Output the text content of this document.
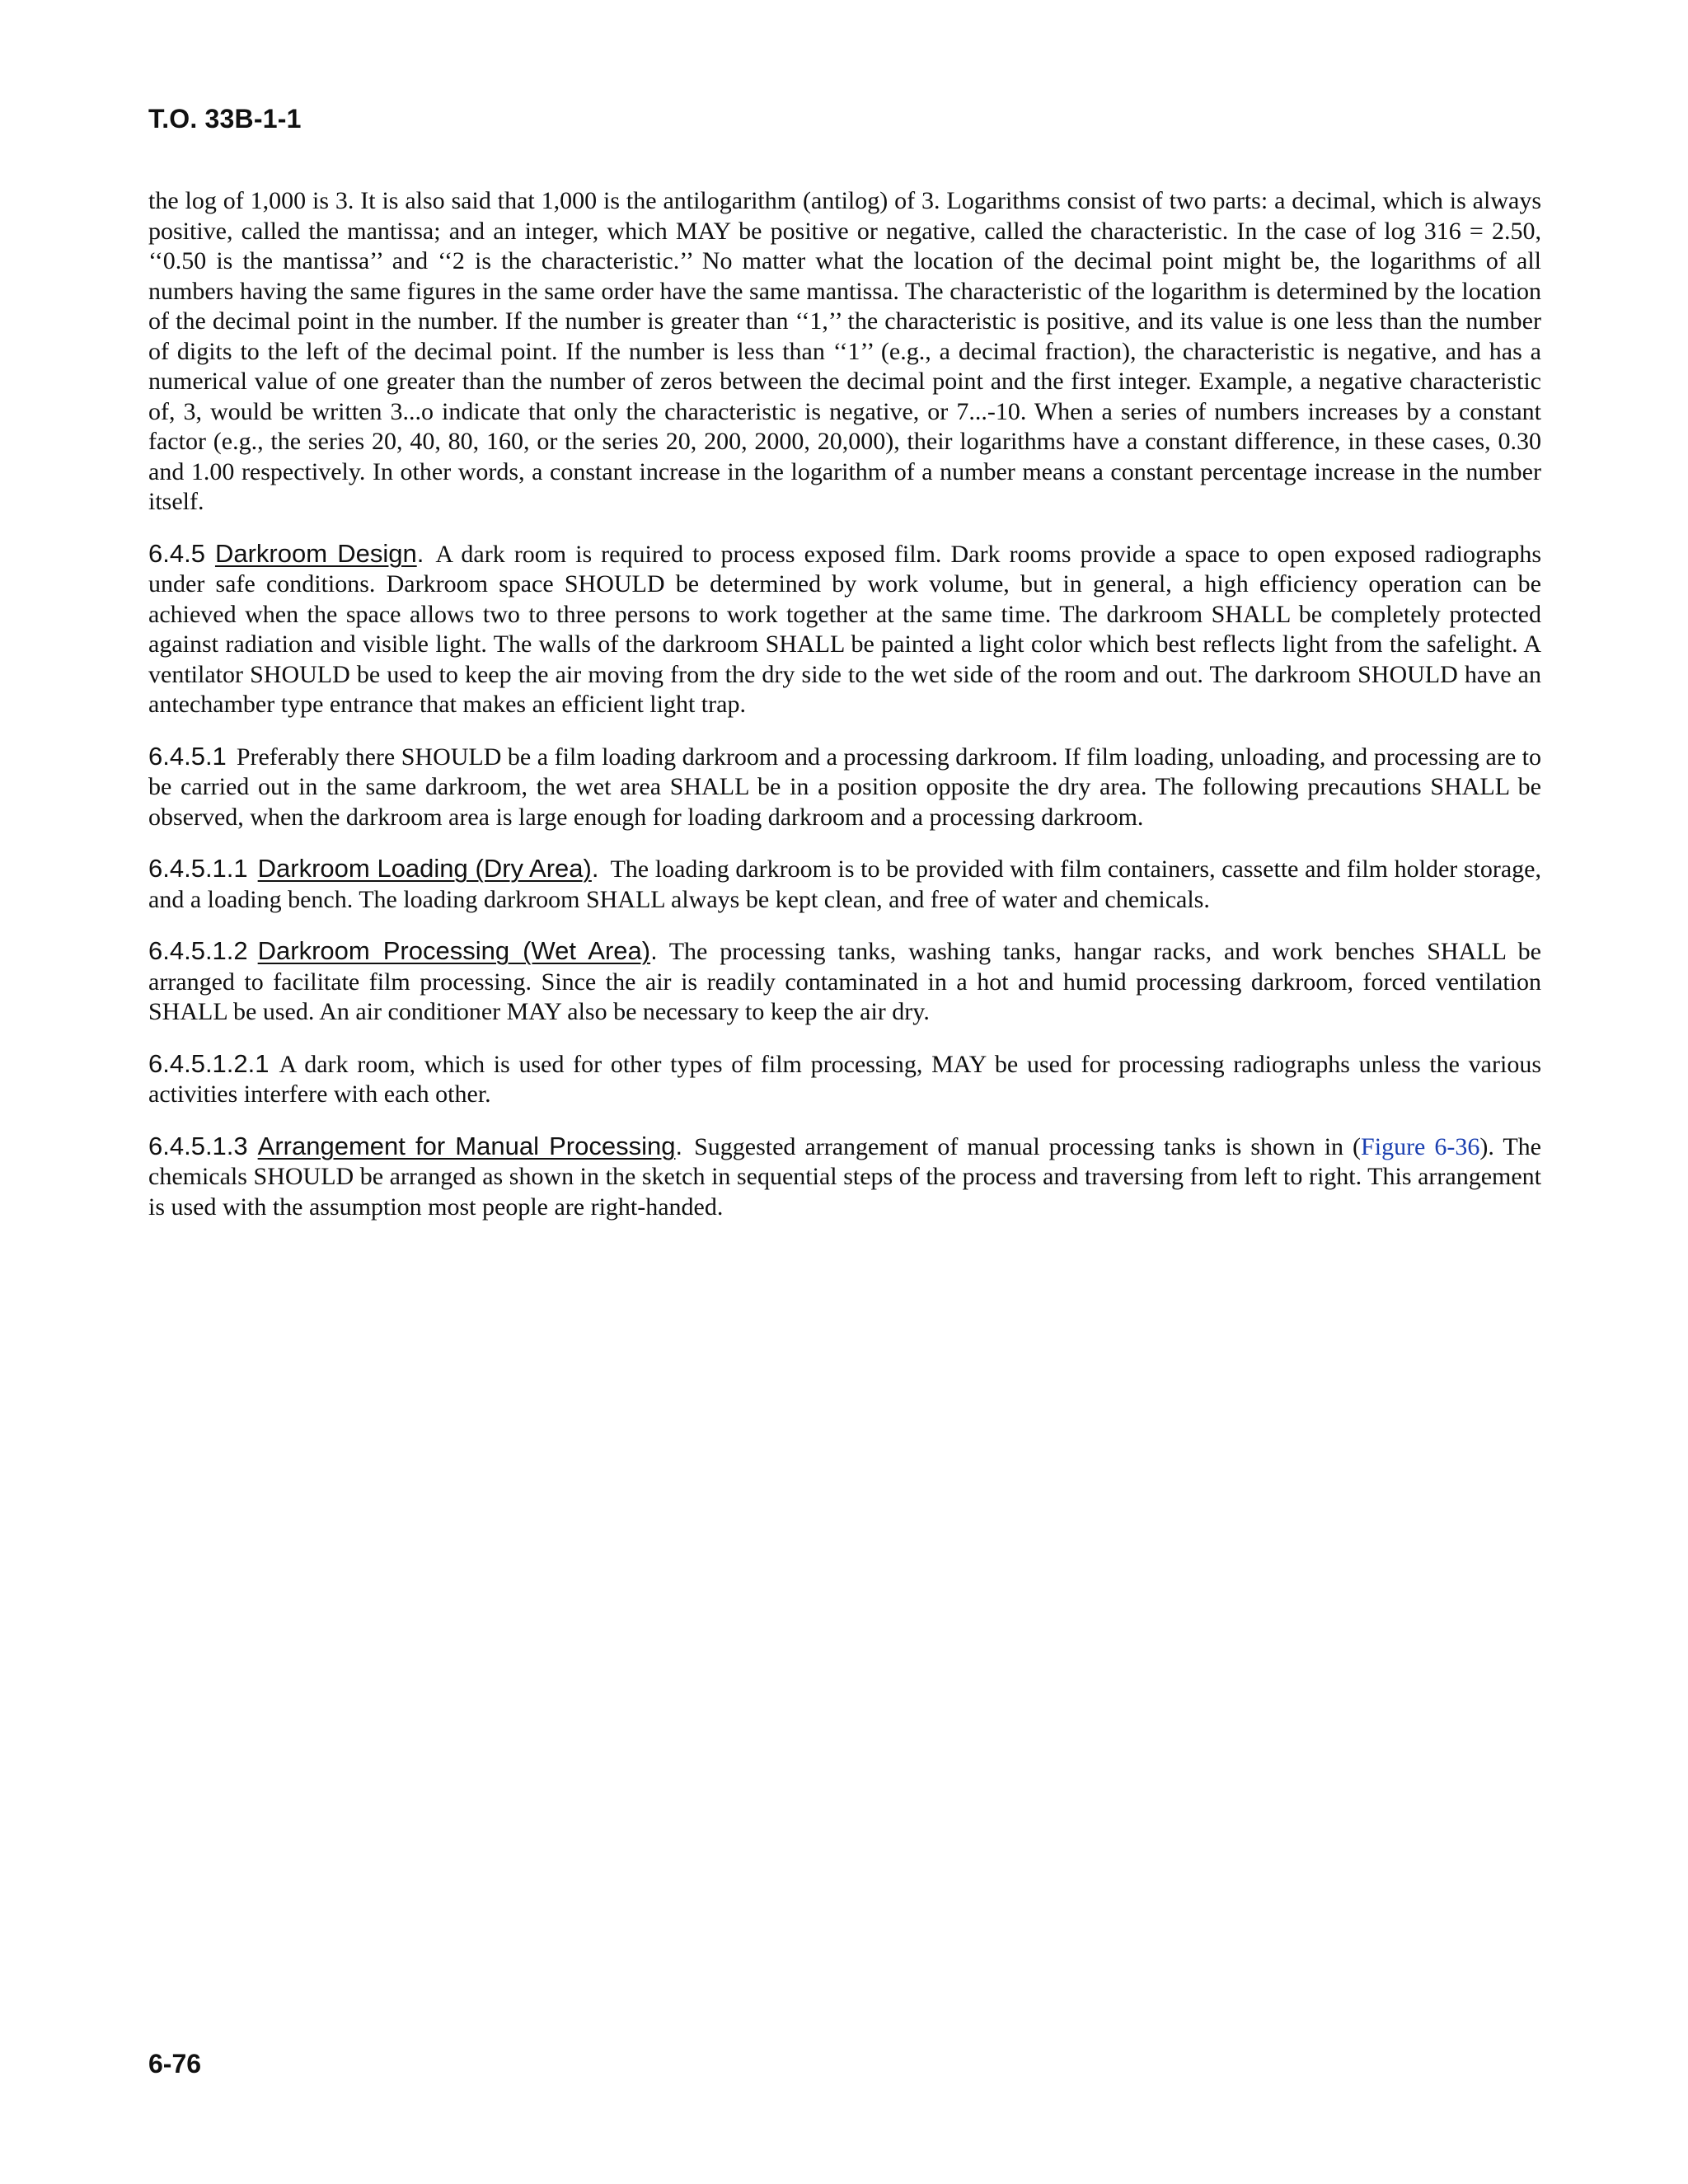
T.O. 33B-1-1

the log of 1,000 is 3. It is also said that 1,000 is the antilogarithm (antilog) of 3. Logarithms consist of two parts: a decimal, which is always positive, called the mantissa; and an integer, which MAY be positive or negative, called the characteristic. In the case of log 316 = 2.50, ‘‘0.50 is the mantissa’’ and ‘‘2 is the characteristic.’’ No matter what the location of the decimal point might be, the logarithms of all numbers having the same figures in the same order have the same mantissa. The characteristic of the logarithm is determined by the location of the decimal point in the number. If the number is greater than ‘‘1,’’ the characteristic is positive, and its value is one less than the number of digits to the left of the decimal point. If the number is less than ‘‘1’’ (e.g., a decimal fraction), the characteristic is negative, and has a numerical value of one greater than the number of zeros between the decimal point and the first integer. Example, a negative characteristic of, 3, would be written 3...o indicate that only the characteristic is negative, or 7...-10. When a series of numbers increases by a constant factor (e.g., the series 20, 40, 80, 160, or the series 20, 200, 2000, 20,000), their logarithms have a constant difference, in these cases, 0.30 and 1.00 respectively. In other words, a constant increase in the logarithm of a number means a constant percentage increase in the number itself.

6.4.5 Darkroom Design. A dark room is required to process exposed film. Dark rooms provide a space to open exposed radiographs under safe conditions. Darkroom space SHOULD be determined by work volume, but in general, a high efficiency operation can be achieved when the space allows two to three persons to work together at the same time. The darkroom SHALL be completely protected against radiation and visible light. The walls of the darkroom SHALL be painted a light color which best reflects light from the safelight. A ventilator SHOULD be used to keep the air moving from the dry side to the wet side of the room and out. The darkroom SHOULD have an antechamber type entrance that makes an efficient light trap.

6.4.5.1 Preferably there SHOULD be a film loading darkroom and a processing darkroom. If film loading, unloading, and processing are to be carried out in the same darkroom, the wet area SHALL be in a position opposite the dry area. The following precautions SHALL be observed, when the darkroom area is large enough for loading darkroom and a processing darkroom.

6.4.5.1.1 Darkroom Loading (Dry Area). The loading darkroom is to be provided with film containers, cassette and film holder storage, and a loading bench. The loading darkroom SHALL always be kept clean, and free of water and chemicals.

6.4.5.1.2 Darkroom Processing (Wet Area). The processing tanks, washing tanks, hangar racks, and work benches SHALL be arranged to facilitate film processing. Since the air is readily contaminated in a hot and humid processing darkroom, forced ventilation SHALL be used. An air conditioner MAY also be necessary to keep the air dry.

6.4.5.1.2.1 A dark room, which is used for other types of film processing, MAY be used for processing radiographs unless the various activities interfere with each other.

6.4.5.1.3 Arrangement for Manual Processing. Suggested arrangement of manual processing tanks is shown in (Figure 6-36). The chemicals SHOULD be arranged as shown in the sketch in sequential steps of the process and traversing from left to right. This arrangement is used with the assumption most people are right-handed.

6-76
